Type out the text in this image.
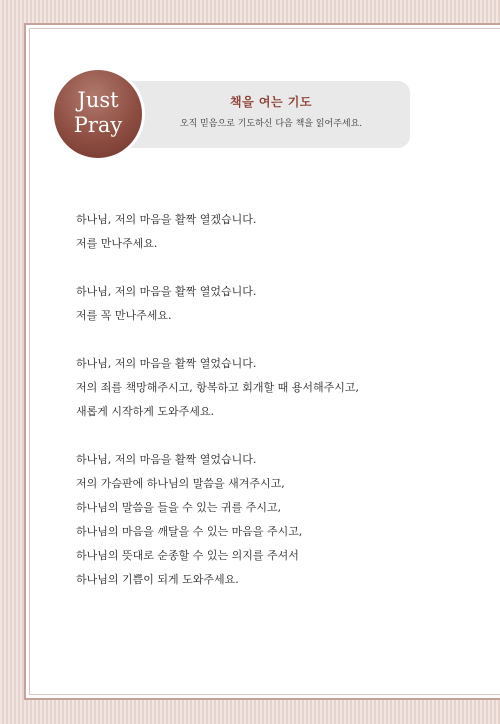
Just
Pray
책을 여는 기도
오직 믿음으로 기도하신 다음 책을 읽어주세요.
하나님, 저의 마음을 활짝 열겠습니다.
저를 만나주세요.
하나님, 저의 마음을 활짝 열었습니다.
저를 꼭 만나주세요.
하나님, 저의 마음을 활짝 열었습니다.
저의 죄를 책망해주시고, 항복하고 회개할 때 용서해주시고,
새롭게 시작하게 도와주세요.
하나님, 저의 마음을 활짝 열었습니다.
저의 가슴판에 하나님의 말씀을 새겨주시고,
하나님의 말씀을 들을 수 있는 귀를 주시고,
하나님의 마음을 깨달을 수 있는 마음을 주시고,
하나님의 뜻대로 순종할 수 있는 의지를 주셔서
하나님의 기쁨이 되게 도와주세요.
